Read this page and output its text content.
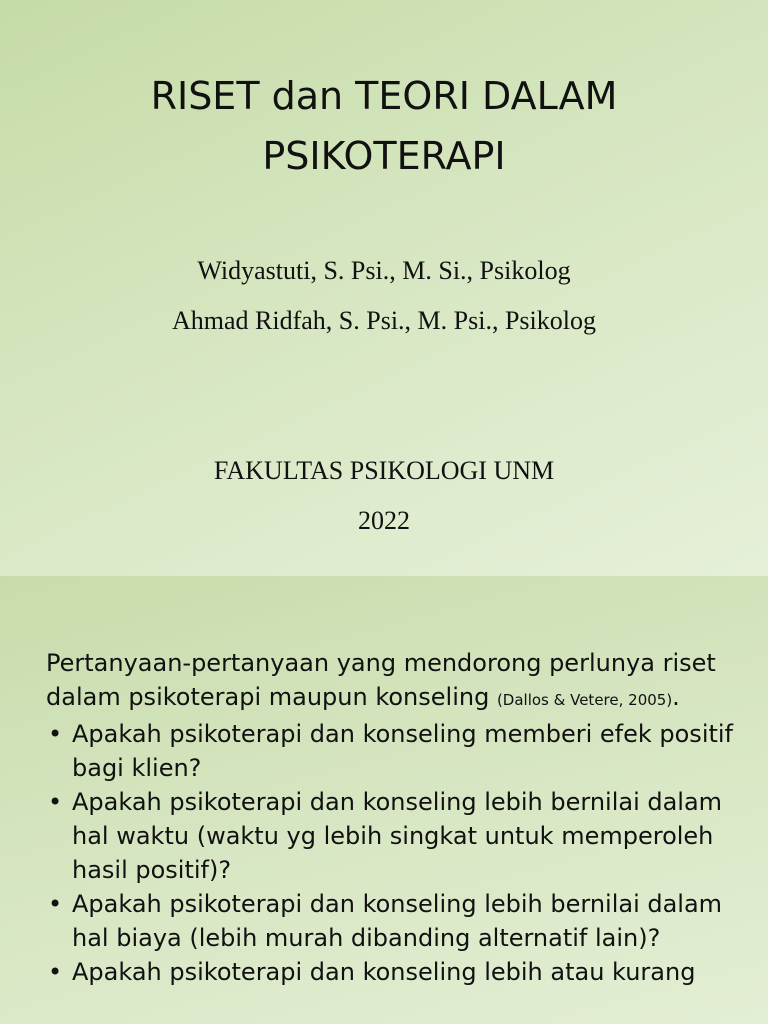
RISET dan TEORI DALAM
PSIKOTERAPI
Widyastuti, S. Psi., M. Si., Psikolog
Ahmad Ridfah, S. Psi., M. Psi., Psikolog
FAKULTAS PSIKOLOGI UNM
2022
Pertanyaan-pertanyaan yang mendorong perlunya riset
dalam psikoterapi maupun konseling (Dallos & Vetere, 2005).
• Apakah psikoterapi dan konseling memberi efek positif bagi klien?
• Apakah psikoterapi dan konseling lebih bernilai dalam hal waktu (waktu yg lebih singkat untuk memperoleh hasil positif)?
• Apakah psikoterapi dan konseling lebih bernilai dalam hal biaya (lebih murah dibanding alternatif lain)?
• Apakah psikoterapi dan konseling lebih atau kurang
